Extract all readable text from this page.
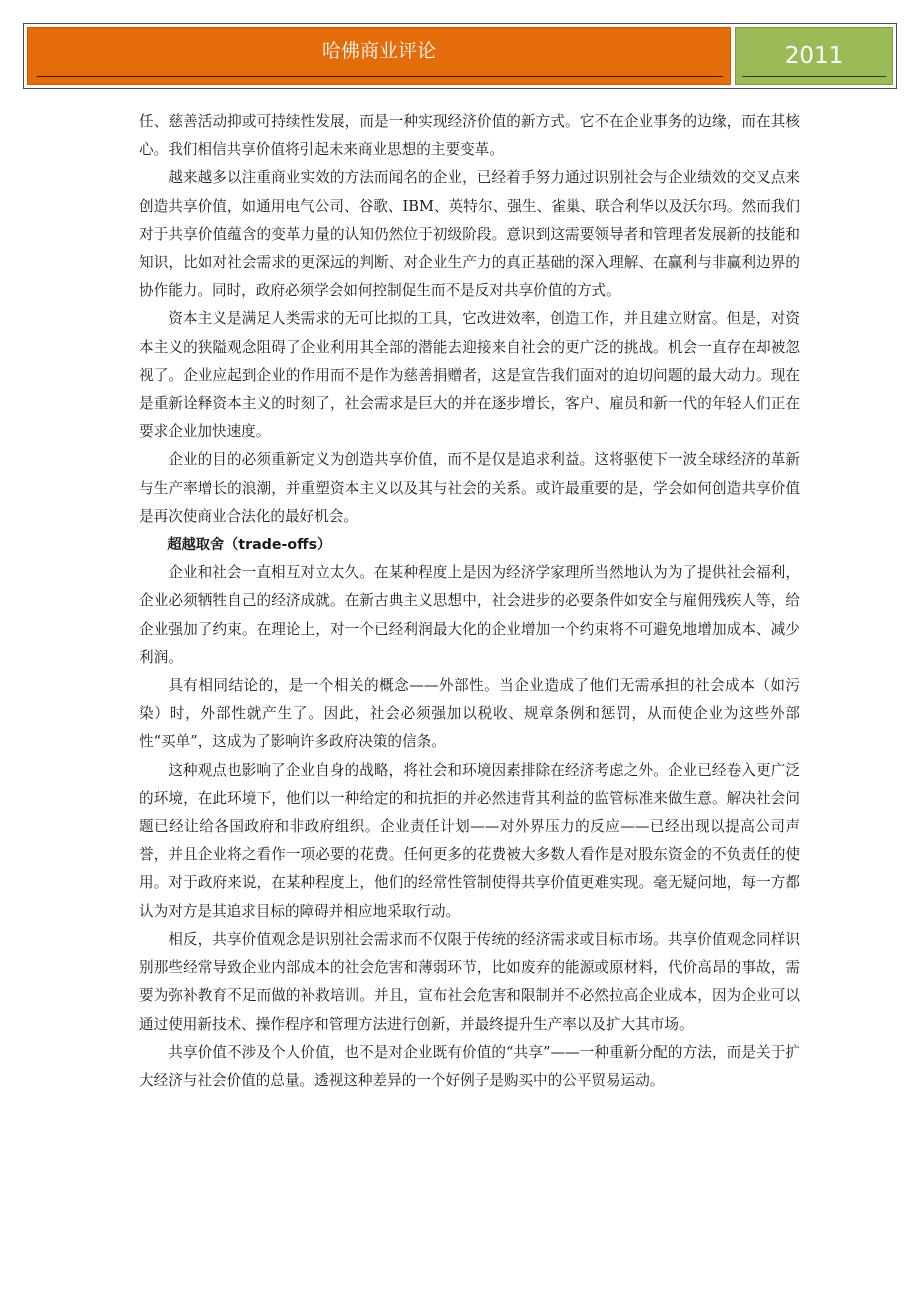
哈佛商业评论	2011

任、慈善活动抑或可持续性发展，而是一种实现经济价值的新方式。它不在企业事务的边缘，而在其核心。我们相信共享价值将引起未来商业思想的主要变革。

越来越多以注重商业实效的方法而闻名的企业，已经着手努力通过识别社会与企业绩效的交叉点来创造共享价值，如通用电气公司、谷歌、IBM、英特尔、强生、雀巢、联合利华以及沃尔玛。然而我们对于共享价值蕴含的变革力量的认知仍然位于初级阶段。意识到这需要领导者和管理者发展新的技能和知识，比如对社会需求的更深远的判断、对企业生产力的真正基础的深入理解、在赢利与非赢利边界的协作能力。同时，政府必须学会如何控制促生而不是反对共享价值的方式。

资本主义是满足人类需求的无可比拟的工具，它改进效率，创造工作，并且建立财富。但是，对资本主义的狭隘观念阻碍了企业利用其全部的潜能去迎接来自社会的更广泛的挑战。机会一直存在却被忽视了。企业应起到企业的作用而不是作为慈善捐赠者，这是宣告我们面对的迫切问题的最大动力。现在是重新诠释资本主义的时刻了，社会需求是巨大的并在逐步增长，客户、雇员和新一代的年轻人们正在要求企业加快速度。

企业的目的必须重新定义为创造共享价值，而不是仅是追求利益。这将驱使下一波全球经济的革新与生产率增长的浪潮，并重塑资本主义以及其与社会的关系。或许最重要的是，学会如何创造共享价值是再次使商业合法化的最好机会。

超越取舍（trade-offs）

企业和社会一直相互对立太久。在某种程度上是因为经济学家理所当然地认为为了提供社会福利，企业必须牺牲自己的经济成就。在新古典主义思想中，社会进步的必要条件如安全与雇佣残疾人等，给企业强加了约束。在理论上，对一个已经利润最大化的企业增加一个约束将不可避免地增加成本、减少利润。

具有相同结论的，是一个相关的概念——外部性。当企业造成了他们无需承担的社会成本（如污染）时，外部性就产生了。因此，社会必须强加以税收、规章条例和惩罚，从而使企业为这些外部性“买单”，这成为了影响许多政府决策的信条。

这种观点也影响了企业自身的战略，将社会和环境因素排除在经济考虑之外。企业已经卷入更广泛的环境，在此环境下，他们以一种给定的和抗拒的并必然违背其利益的监管标准来做生意。解决社会问题已经让给各国政府和非政府组织。企业责任计划——对外界压力的反应——已经出现以提高公司声誉，并且企业将之看作一项必要的花费。任何更多的花费被大多数人看作是对股东资金的不负责任的使用。对于政府来说，在某种程度上，他们的经常性管制使得共享价值更难实现。毫无疑问地，每一方都认为对方是其追求目标的障碍并相应地采取行动。

相反，共享价值观念是识别社会需求而不仅限于传统的经济需求或目标市场。共享价值观念同样识别那些经常导致企业内部成本的社会危害和薄弱环节，比如废弃的能源或原材料，代价高昂的事故，需要为弥补教育不足而做的补救培训。并且，宣布社会危害和限制并不必然拉高企业成本，因为企业可以通过使用新技术、操作程序和管理方法进行创新，并最终提升生产率以及扩大其市场。

共享价值不涉及个人价值，也不是对企业既有价值的“共享”——一种重新分配的方法，而是关于扩大经济与社会价值的总量。透视这种差异的一个好例子是购买中的公平贸易运动。
